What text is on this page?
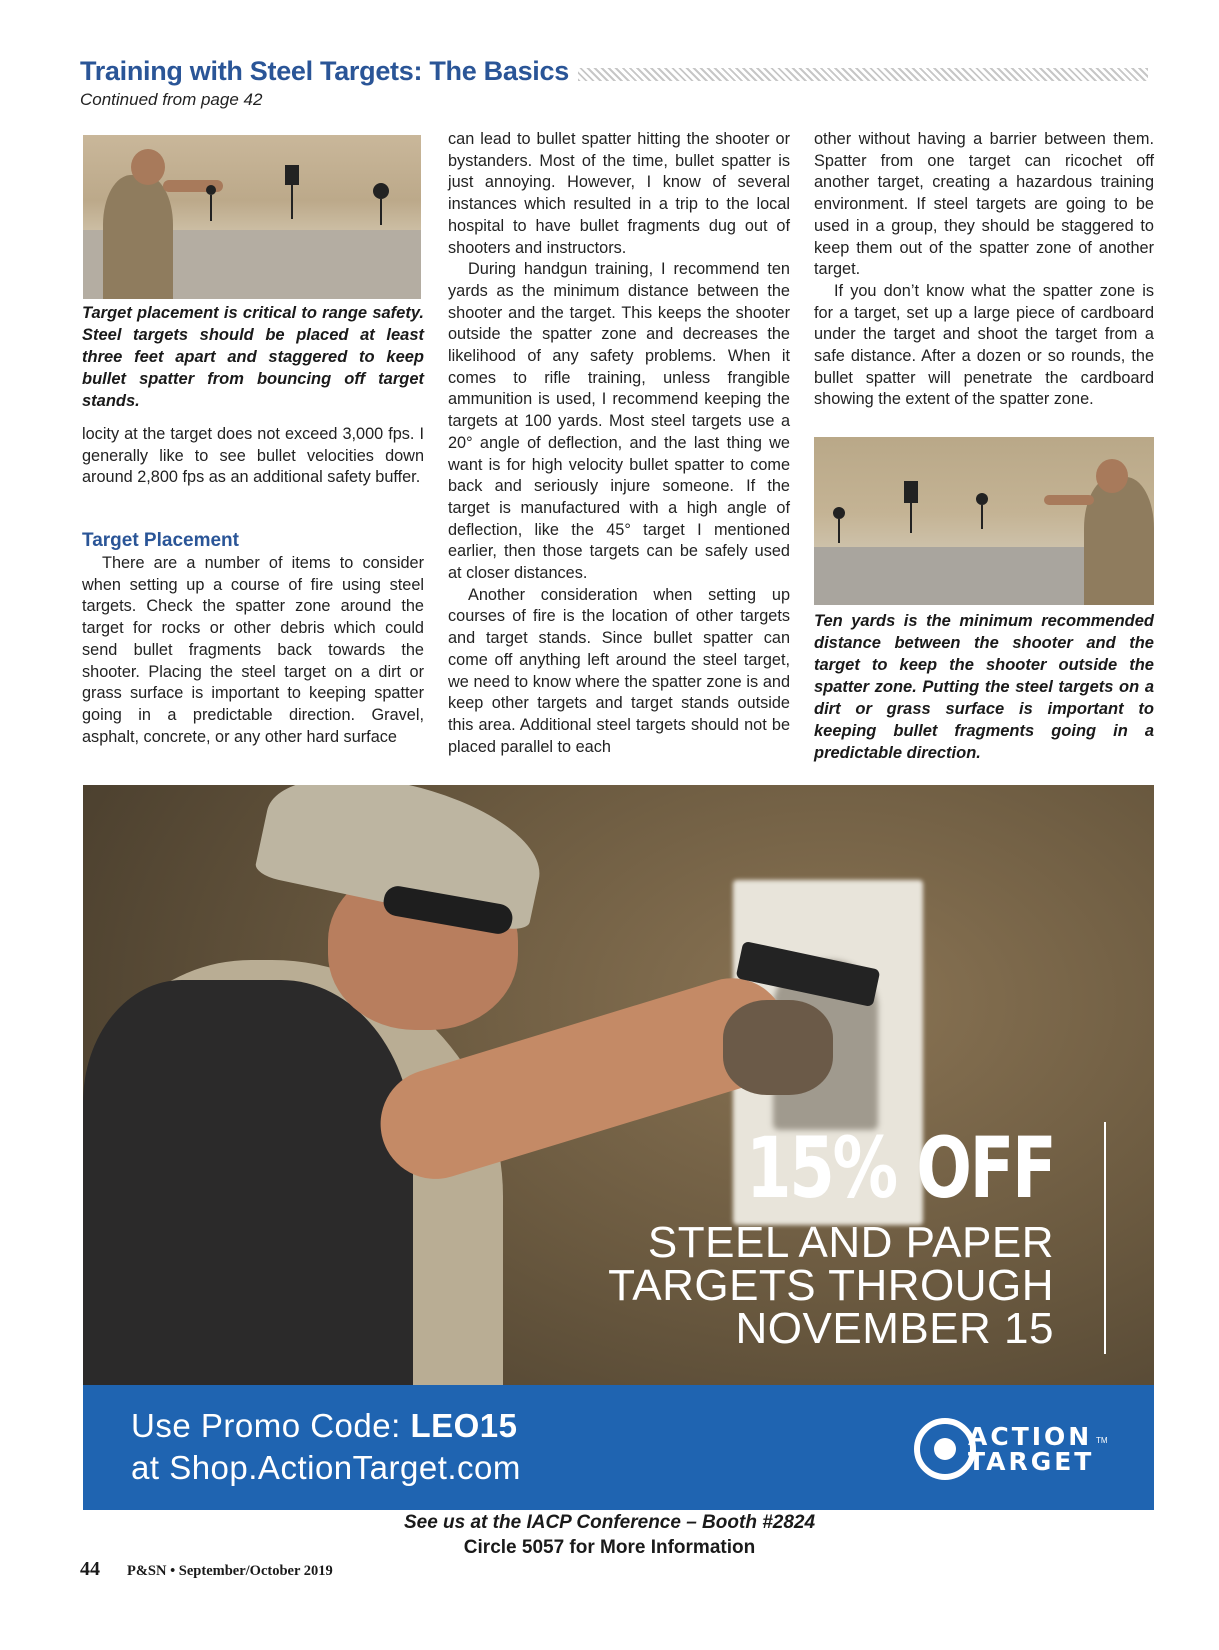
Training with Steel Targets: The Basics
Continued from page 42
Target placement is critical to range safety. Steel targets should be placed at least three feet apart and staggered to keep bullet spatter from bouncing off target stands.

locity at the target does not exceed 3,000 fps. I generally like to see bullet velocities down around 2,800 fps as an additional safety buffer.

Target Placement

There are a number of items to consider when setting up a course of fire using steel targets. Check the spatter zone around the target for rocks or other debris which could send bullet fragments back towards the shooter. Placing the steel target on a dirt or grass surface is important to keeping spatter going in a predictable direction. Gravel, asphalt, concrete, or any other hard surface

can lead to bullet spatter hitting the shooter or bystanders. Most of the time, bullet spatter is just annoying. However, I know of several instances which resulted in a trip to the local hospital to have bullet fragments dug out of shooters and instructors.

During handgun training, I recommend ten yards as the minimum distance between the shooter and the target. This keeps the shooter outside the spatter zone and decreases the likelihood of any safety problems. When it comes to rifle training, unless frangible ammunition is used, I recommend keeping the targets at 100 yards. Most steel targets use a 20° angle of deflection, and the last thing we want is for high velocity bullet spatter to come back and seriously injure someone. If the target is manufactured with a high angle of deflection, like the 45° target I mentioned earlier, then those targets can be safely used at closer distances.

Another consideration when setting up courses of fire is the location of other targets and target stands. Since bullet spatter can come off anything left around the steel target, we need to know where the spatter zone is and keep other targets and target stands outside this area. Additional steel targets should not be placed parallel to each

other without having a barrier between them. Spatter from one target can ricochet off another target, creating a hazardous training environment. If steel targets are going to be used in a group, they should be staggered to keep them out of the spatter zone of another target.

If you don’t know what the spatter zone is for a target, set up a large piece of cardboard under the target and shoot the target from a safe distance. After a dozen or so rounds, the bullet spatter will penetrate the cardboard showing the extent of the spatter zone.

Ten yards is the minimum recommended distance between the shooter and the target to keep the shooter outside the spatter zone. Putting the steel targets on a dirt or grass surface is important to keeping bullet fragments going in a predictable direction.
15% OFF
STEEL AND PAPER
TARGETS THROUGH
NOVEMBER 15
Use Promo Code: LEO15
at Shop.ActionTarget.com
ACTION
TARGET
TM
See us at the IACP Conference – Booth #2824
Circle 5057 for More Information
44 P&SN • September/October 2019
